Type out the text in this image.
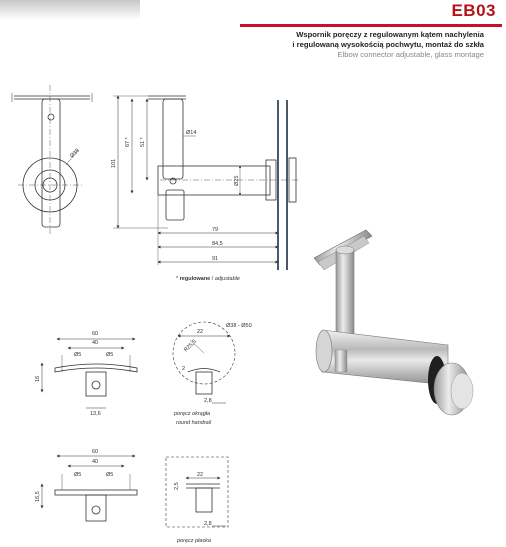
EB03
Wspornik poręczy z regulowanym kątem nachylenia
i regulowaną wysokością pochwytu, montaż do szkła
Elbow connector adjustable, glass montage
Ø38
101
67 * 51 *
Ø14
Ø25
79
84,5
91
60
40
Ø5	Ø5
16
13,6
22
Ø38 - Ø50
R25,5
2
2,8
60
40
Ø5	Ø5
16,5
22
2,5
2,8
* regulowane / adjustable
poręcz okrągła
round handrail
poręcz płaska
